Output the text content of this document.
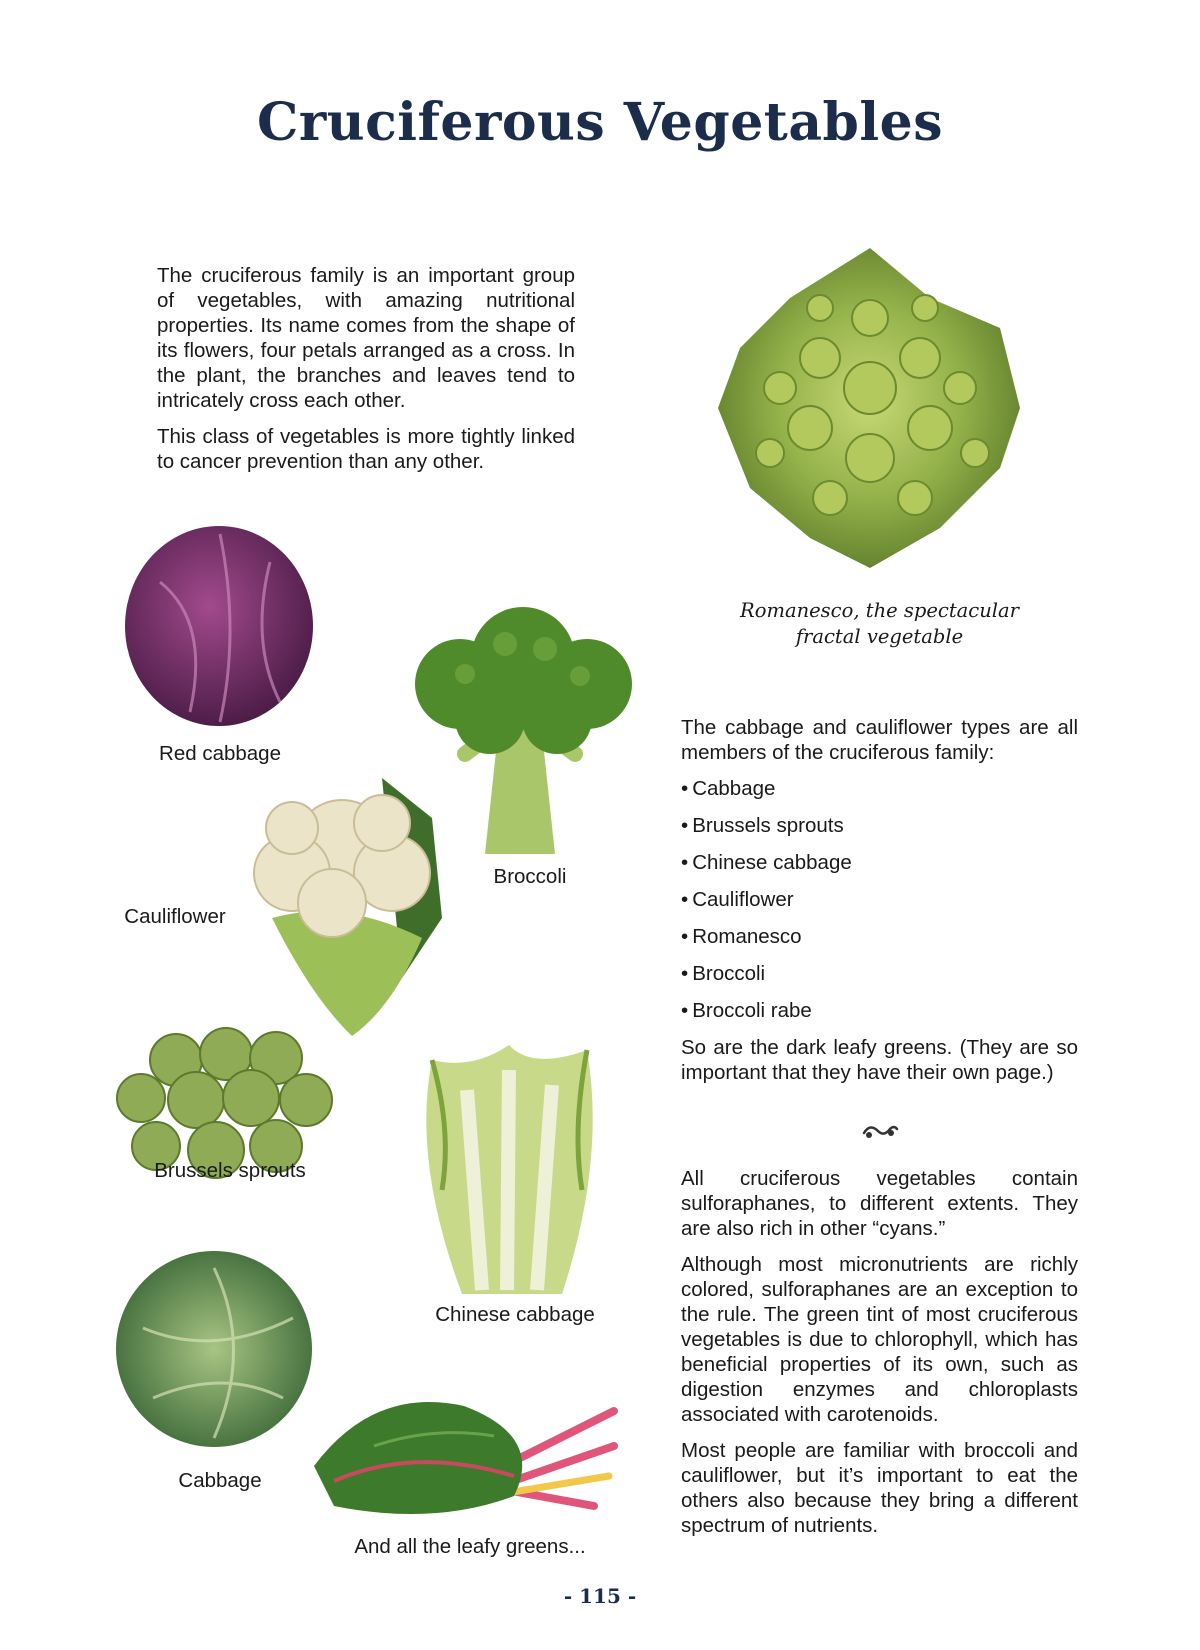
Cruciferous Vegetables

The cruciferous family is an important group of vegetables, with amazing nutritional properties. Its name comes from the shape of its flowers, four petals arranged as a cross. In the plant, the branches and leaves tend to intricately cross each other.

This class of vegetables is more tightly linked to cancer prevention than any other.

Romanesco, the spectacular
fractal vegetable
Red cabbage
Broccoli
Cauliflower
Brussels sprouts
Chinese cabbage
Cabbage
And all the leafy greens...

The cabbage and cauliflower types are all members of the cruciferous family:

• Cabbage
• Brussels sprouts
• Chinese cabbage
• Cauliflower
• Romanesco
• Broccoli
• Broccoli rabe

So are the dark leafy greens. (They are so important that they have their own page.)

All cruciferous vegetables contain sulforaphanes, to different extents. They are also rich in other “cyans.”

Although most micronutrients are richly colored, sulforaphanes are an exception to the rule. The green tint of most cruciferous vegetables is due to chlorophyll, which has beneficial properties of its own, such as digestion enzymes and chloroplasts associated with carotenoids.

Most people are familiar with broccoli and cauliflower, but it’s important to eat the others also because they bring a different spectrum of nutrients.

- 115 -
